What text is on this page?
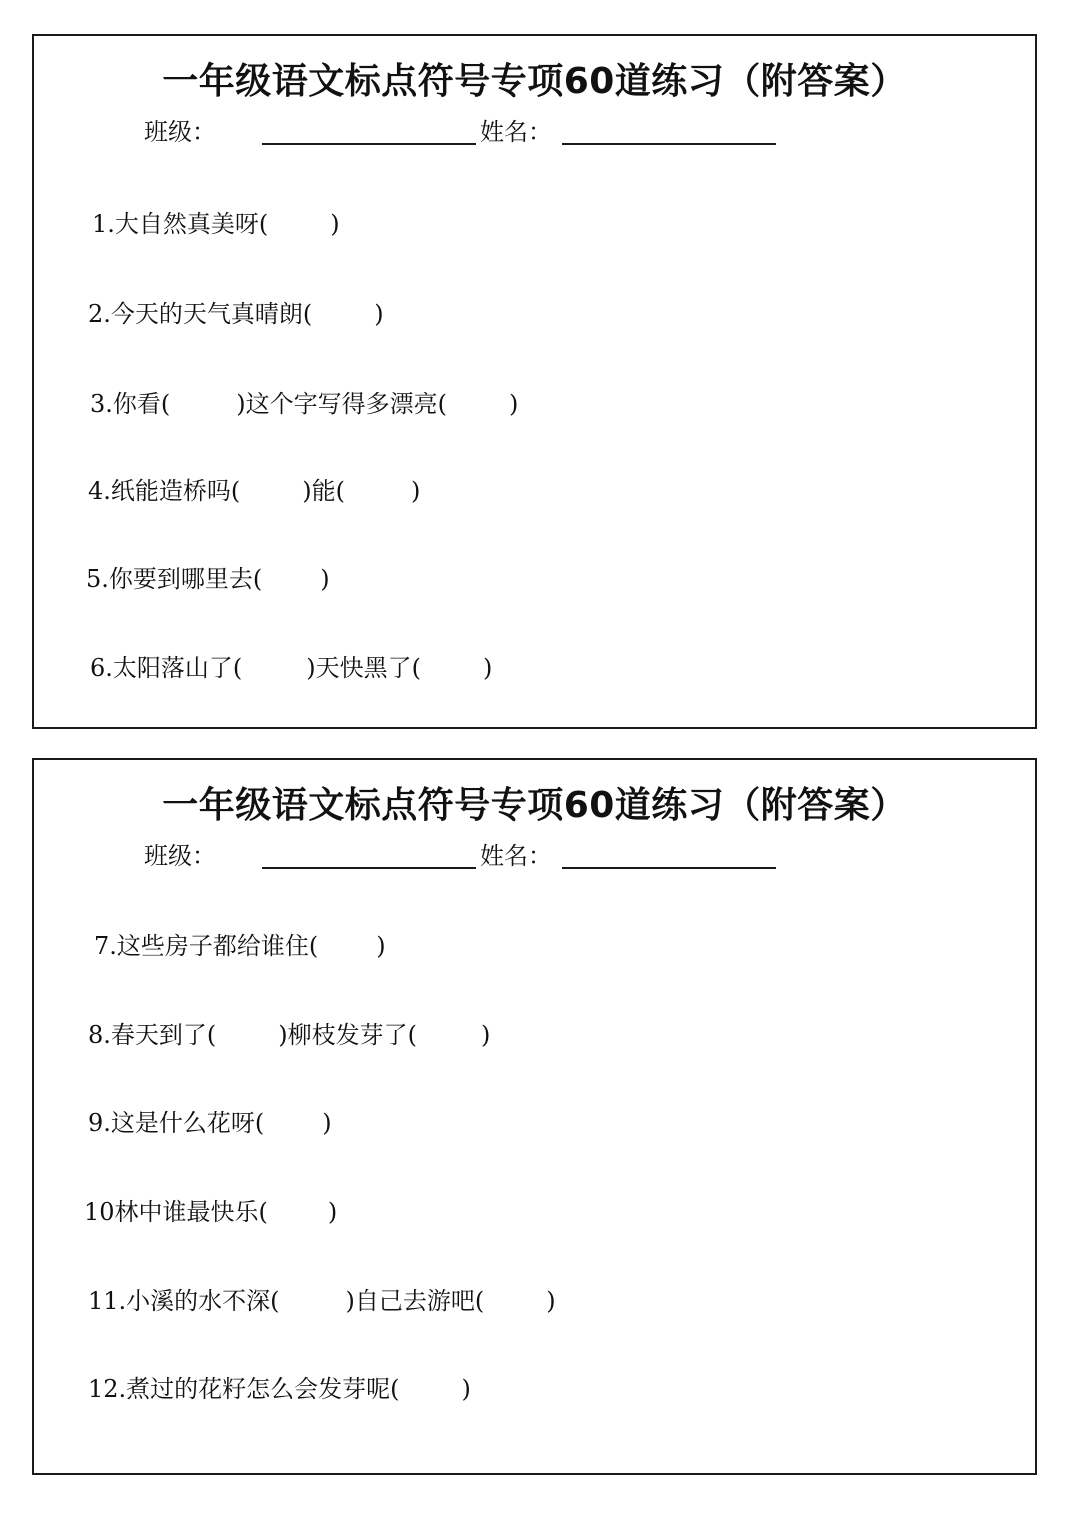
一年级语文标点符号专项60道练习（附答案）
班级：	姓名：
1.大自然真美呀(	)
2.今天的天气真晴朗(	)
3.你看(	)这个字写得多漂亮(	)
4.纸能造桥吗(	)能(	)
5.你要到哪里去( )
6.太阳落山了(	)天快黑了(	)
一年级语文标点符号专项60道练习（附答案）
班级：	姓名：
7.这些房子都给谁住( )
8.春天到了(	)柳枝发芽了(	)
9.这是什么花呀( )
10林中谁最快乐(	)
11.小溪的水不深(	)自己去游吧(	)
12.煮过的花籽怎么会发芽呢(	)
